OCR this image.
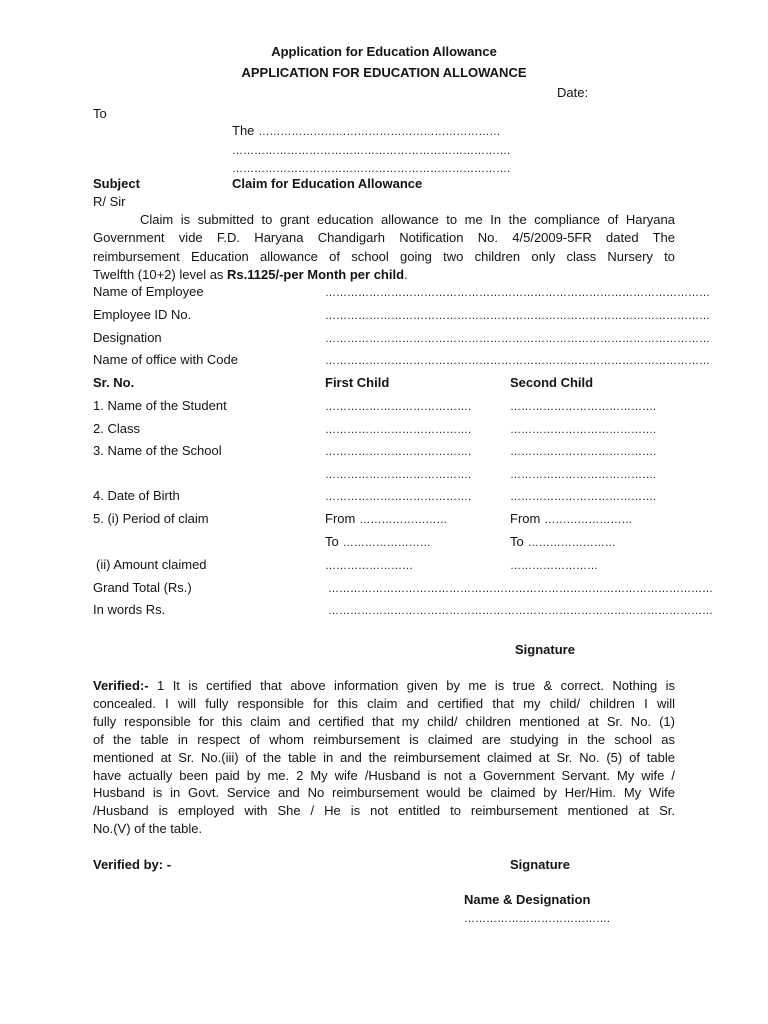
Application for Education Allowance
APPLICATION FOR EDUCATION ALLOWANCE
Date:
To
The …………………………………………………………
………………………………………………………………….
………………………………………………………………….
Subject	Claim for Education Allowance
R/ Sir
Claim is submitted to grant education allowance to me In the compliance of Haryana
Government vide F.D. Haryana Chandigarh Notification No. 4/5/2009-5FR dated The
reimbursement Education allowance of school going two children only class Nursery to
Twelfth (10+2) level as Rs.1125/-per Month per child.
Name of Employee	……………………………………………………………………………………………
Employee ID No.	……………………………………………………………………………………………
Designation	……………………………………………………………………………………………
Name of office with Code	……………………………………………………………………………………………
Sr. No.	First Child	Second Child
1. Name of the Student	………………………………….	………………………………….
2. Class	………………………………….	………………………………….
3. Name of the School	………………………………….	………………………………….
………………………………….	………………………………….
4. Date of Birth	………………………………….	………………………………….
5. (i) Period of claim	From ……………………	From ……………………
To ……………………	To ……………………
(ii) Amount claimed	……………………	……………………
Grand Total (Rs.)	……………………………………………………………………………………………
In words Rs.	……………………………………………………………………………………………
Signature
Verified:- 1 It is certified that above information given by me is true & correct. Nothing is
concealed. I will fully responsible for this claim and certified that my child/ children I will
fully responsible for this claim and certified that my child/ children mentioned at Sr. No. (1)
of the table in respect of whom reimbursement is claimed are studying in the school as
mentioned at Sr. No.(iii) of the table in and the reimbursement claimed at Sr. No. (5) of table
have actually been paid by me. 2 My wife /Husband is not a Government Servant. My wife /
Husband is in Govt. Service and No reimbursement would be claimed by Her/Him. My Wife
/Husband is employed with She / He is not entitled to reimbursement mentioned at Sr.
No.(V) of the table.
Verified by: -	Signature
Name & Designation
………………………………….
